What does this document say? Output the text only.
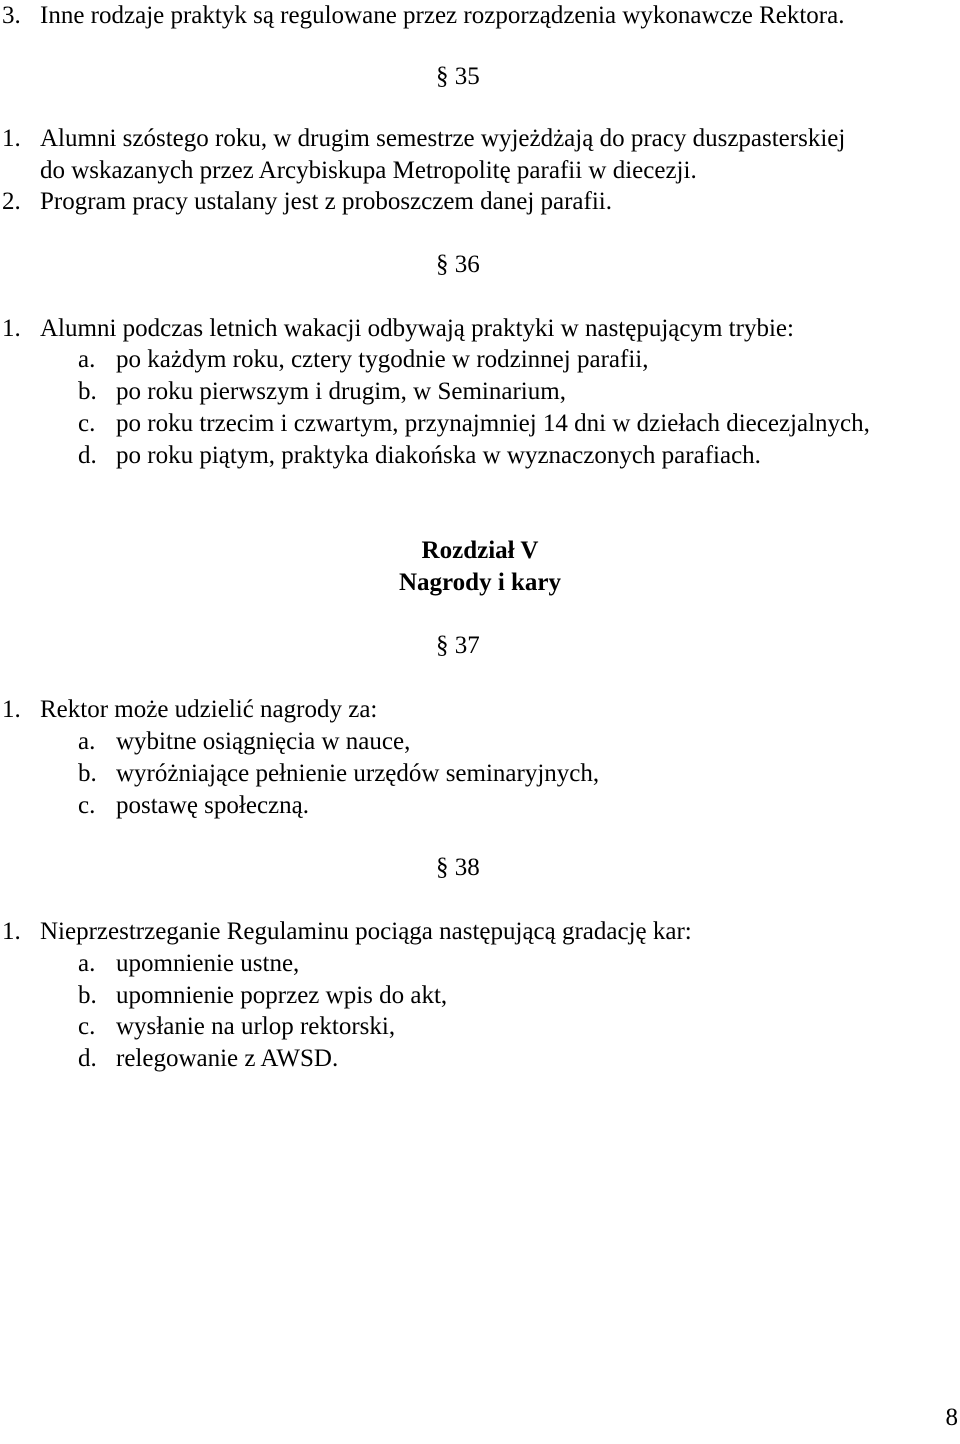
3. Inne rodzaje praktyk są regulowane przez rozporządzenia wykonawcze Rektora.
§ 35
1. Alumni szóstego roku, w drugim semestrze wyjeżdżają do pracy duszpasterskiej
do wskazanych przez Arcybiskupa Metropolitę parafii w diecezji.
2. Program pracy ustalany jest z proboszczem danej parafii.
§ 36
1. Alumni podczas letnich wakacji odbywają praktyki w następującym trybie:
a. po każdym roku, cztery tygodnie w rodzinnej parafii,
b. po roku pierwszym i drugim, w Seminarium,
c. po roku trzecim i czwartym, przynajmniej 14 dni w dziełach diecezjalnych,
d. po roku piątym, praktyka diakońska w wyznaczonych parafiach.
Rozdział V
Nagrody i kary
§ 37
1. Rektor może udzielić nagrody za:
a. wybitne osiągnięcia w nauce,
b. wyróżniające pełnienie urzędów seminaryjnych,
c. postawę społeczną.
§ 38
1. Nieprzestrzeganie Regulaminu pociąga następującą gradację kar:
a. upomnienie ustne,
b. upomnienie poprzez wpis do akt,
c. wysłanie na urlop rektorski,
d. relegowanie z AWSD.
8
